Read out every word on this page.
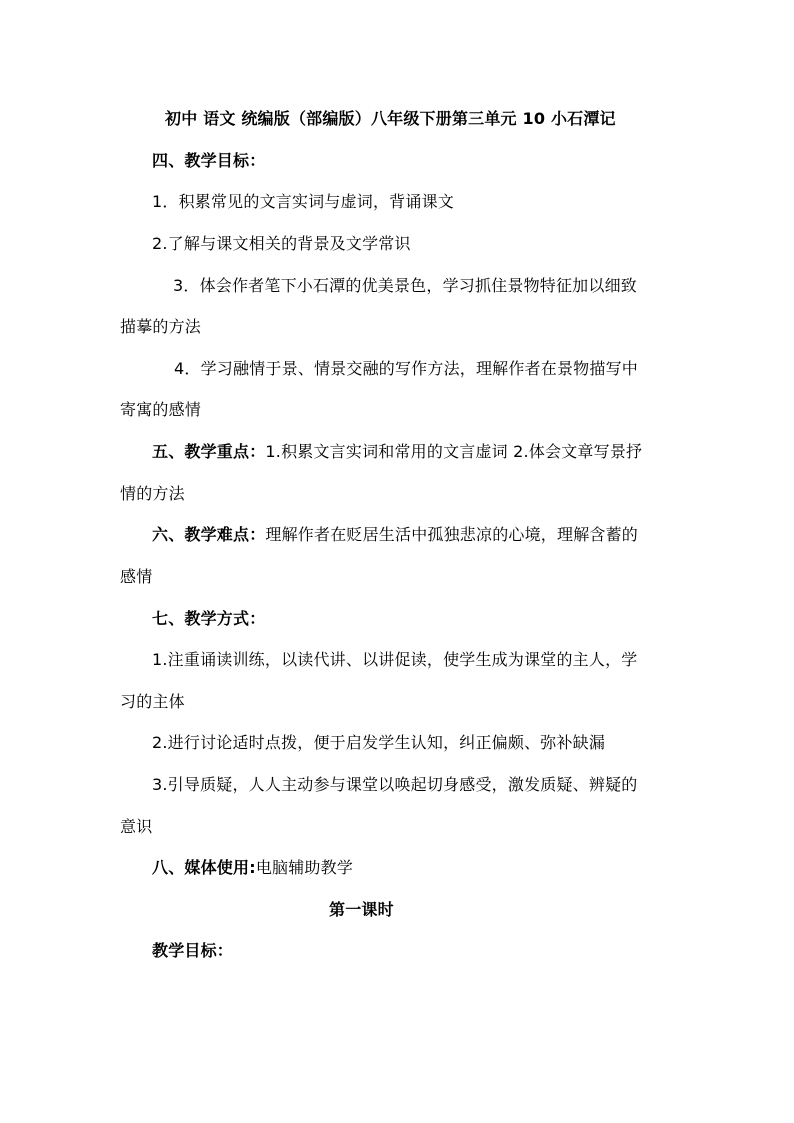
初中 语文 统编版（部编版）八年级下册第三单元 10 小石潭记
四、教学目标：
1．积累常见的文言实词与虚词，背诵课文
2.了解与课文相关的背景及文学常识
3．体会作者笔下小石潭的优美景色，学习抓住景物特征加以细致
描摹的方法
4．学习融情于景、情景交融的写作方法，理解作者在景物描写中
寄寓的感情
五、教学重点：1.积累文言实词和常用的文言虚词 2.体会文章写景抒
情的方法
六、教学难点：理解作者在贬居生活中孤独悲凉的心境，理解含蓄的
感情
七、教学方式：
1.注重诵读训练，以读代讲、以讲促读，使学生成为课堂的主人，学
习的主体
2.进行讨论适时点拨，便于启发学生认知，纠正偏颇、弥补缺漏
3.引导质疑，人人主动参与课堂以唤起切身感受，激发质疑、辨疑的
意识
八、媒体使用:电脑辅助教学
第一课时
教学目标：
